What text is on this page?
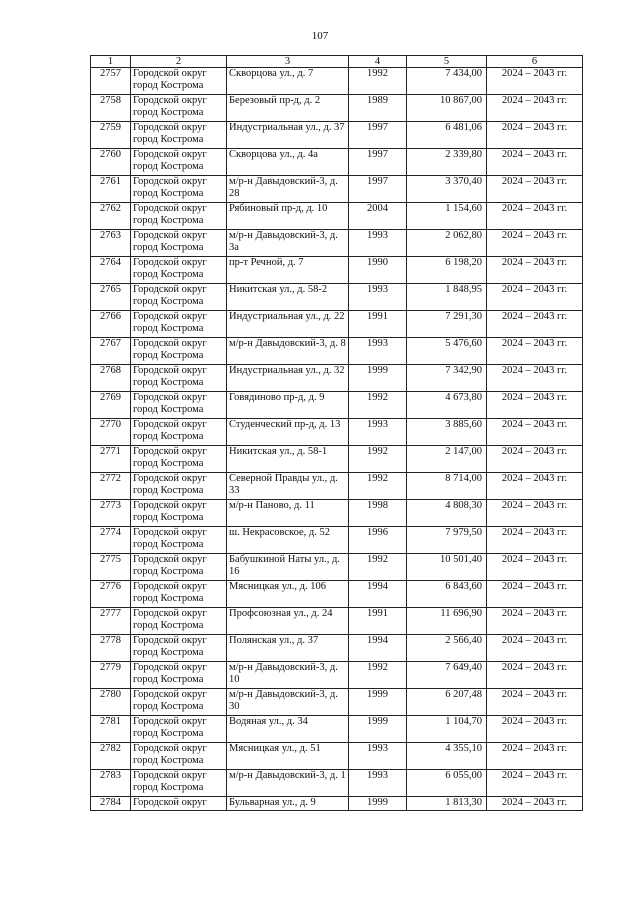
107
1	2	3	4	5	6
2757	Городской округ город Кострома	Скворцова ул., д. 7	1992	7 434,00	2024 – 2043 гг.
2758	Городской округ город Кострома	Березовый пр-д, д. 2	1989	10 867,00	2024 – 2043 гг.
2759	Городской округ город Кострома	Индустриальная ул., д. 37	1997	6 481,06	2024 – 2043 гг.
2760	Городской округ город Кострома	Скворцова ул., д. 4а	1997	2 339,80	2024 – 2043 гг.
2761	Городской округ город Кострома	м/р-н Давыдовский-3, д. 28	1997	3 370,40	2024 – 2043 гг.
2762	Городской округ город Кострома	Рябиновый пр-д, д. 10	2004	1 154,60	2024 – 2043 гг.
2763	Городской округ город Кострома	м/р-н Давыдовский-3, д. 3а	1993	2 062,80	2024 – 2043 гг.
2764	Городской округ город Кострома	пр-т Речной, д. 7	1990	6 198,20	2024 – 2043 гг.
2765	Городской округ город Кострома	Никитская ул., д. 58-2	1993	1 848,95	2024 – 2043 гг.
2766	Городской округ город Кострома	Индустриальная ул., д. 22	1991	7 291,30	2024 – 2043 гг.
2767	Городской округ город Кострома	м/р-н Давыдовский-3, д. 8	1993	5 476,60	2024 – 2043 гг.
2768	Городской округ город Кострома	Индустриальная ул., д. 32	1999	7 342,90	2024 – 2043 гг.
2769	Городской округ город Кострома	Говядиново пр-д, д. 9	1992	4 673,80	2024 – 2043 гг.
2770	Городской округ город Кострома	Студенческий пр-д, д. 13	1993	3 885,60	2024 – 2043 гг.
2771	Городской округ город Кострома	Никитская ул., д. 58-1	1992	2 147,00	2024 – 2043 гг.
2772	Городской округ город Кострома	Северной Правды ул., д. 33	1992	8 714,00	2024 – 2043 гг.
2773	Городской округ город Кострома	м/р-н Паново, д. 11	1998	4 808,30	2024 – 2043 гг.
2774	Городской округ город Кострома	ш. Некрасовское, д. 52	1996	7 979,50	2024 – 2043 гг.
2775	Городской округ город Кострома	Бабушкиной Наты ул., д. 16	1992	10 501,40	2024 – 2043 гг.
2776	Городской округ город Кострома	Мясницкая ул., д. 106	1994	6 843,60	2024 – 2043 гг.
2777	Городской округ город Кострома	Профсоюзная ул., д. 24	1991	11 696,90	2024 – 2043 гг.
2778	Городской округ город Кострома	Полянская ул., д. 37	1994	2 566,40	2024 – 2043 гг.
2779	Городской округ город Кострома	м/р-н Давыдовский-3, д. 10	1992	7 649,40	2024 – 2043 гг.
2780	Городской округ город Кострома	м/р-н Давыдовский-3, д. 30	1999	6 207,48	2024 – 2043 гг.
2781	Городской округ город Кострома	Водяная ул., д. 34	1999	1 104,70	2024 – 2043 гг.
2782	Городской округ город Кострома	Мясницкая ул., д. 51	1993	4 355,10	2024 – 2043 гг.
2783	Городской округ город Кострома	м/р-н Давыдовский-3, д. 1	1993	6 055,00	2024 – 2043 гг.
2784	Городской округ	Бульварная ул., д. 9	1999	1 813,30	2024 – 2043 гг.
